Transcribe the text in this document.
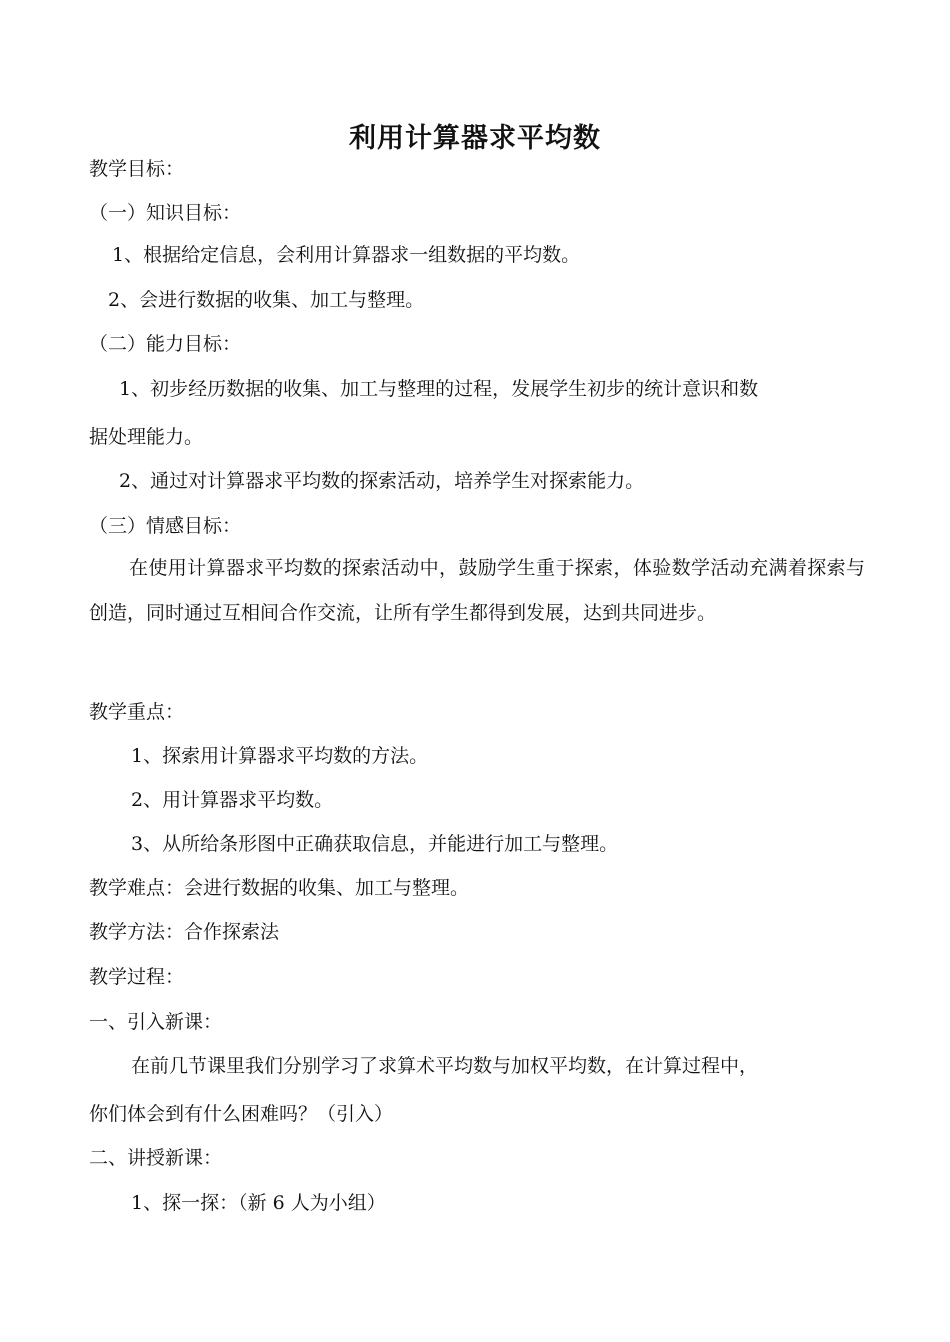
利用计算器求平均数

教学目标：

（一）知识目标：

1、根据给定信息，会利用计算器求一组数据的平均数。

2、会进行数据的收集、加工与整理。

（二）能力目标：

1、初步经历数据的收集、加工与整理的过程，发展学生初步的统计意识和数

据处理能力。

2、通过对计算器求平均数的探索活动，培养学生对探索能力。

（三）情感目标：

在使用计算器求平均数的探索活动中，鼓励学生重于探索，体验数学活动充满着探索与创造，同时通过互相间合作交流，让所有学生都得到发展，达到共同进步。

教学重点：

1、探索用计算器求平均数的方法。

2、用计算器求平均数。

3、从所给条形图中正确获取信息，并能进行加工与整理。

教学难点：会进行数据的收集、加工与整理。

教学方法：合作探索法

教学过程：

一、引入新课：

在前几节课里我们分别学习了求算术平均数与加权平均数，在计算过程中，

你们体会到有什么困难吗？（引入）

二、讲授新课：

1、探一探：（新 6 人为小组）
